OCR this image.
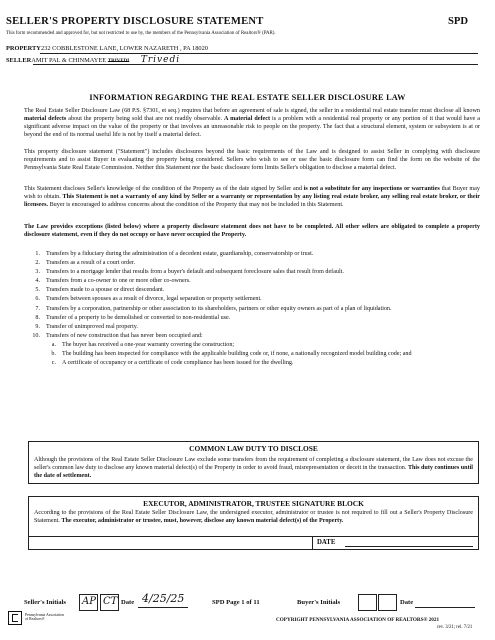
SELLER'S PROPERTY DISCLOSURE STATEMENT	SPD
This form recommended and approved for, but not restricted to use by, the members of the Pennsylvania Association of Realtors® (PAR).
PROPERTY232 COBBLESTONE LANE, LOWER NAZARETH , PA 18020
SELLERAMIT PAL & CHINMAYEE TRIVEDI Trivedi
INFORMATION REGARDING THE REAL ESTATE SELLER DISCLOSURE LAW
The Real Estate Seller Disclosure Law (68 P.S. §7301, et seq.) requires that before an agreement of sale is signed, the seller in a residential real estate transfer must disclose all known material defects about the property being sold that are not readily observable. A material defect is a problem with a residential real property or any portion of it that would have a significant adverse impact on the value of the property or that involves an unreasonable risk to people on the property. The fact that a structural element, system or subsystem is at or beyond the end of its normal useful life is not by itself a material defect.
This property disclosure statement ("Statement") includes disclosures beyond the basic requirements of the Law and is designed to assist Seller in complying with disclosure requirements and to assist Buyer in evaluating the property being considered. Sellers who wish to see or use the basic disclosure form can find the form on the website of the Pennsylvania State Real Estate Commission. Neither this Statement nor the basic disclosure form limits Seller's obligation to disclose a material defect.
This Statement discloses Seller's knowledge of the condition of the Property as of the date signed by Seller and is not a substitute for any inspections or warranties that Buyer may wish to obtain. This Statement is not a warranty of any kind by Seller or a warranty or representation by any listing real estate broker, any selling real estate broker, or their licensees. Buyer is encouraged to address concerns about the condition of the Property that may not be included in this Statement.
The Law provides exceptions (listed below) where a property disclosure statement does not have to be completed. All other sellers are obligated to complete a property disclosure statement, even if they do not occupy or have never occupied the Property.
1. Transfers by a fiduciary during the administration of a decedent estate, guardianship, conservatorship or trust.
2. Transfers as a result of a court order.
3. Transfers to a mortgage lender that results from a buyer's default and subsequent foreclosure sales that result from default.
4. Transfers from a co-owner to one or more other co-owners.
5. Transfers made to a spouse or direct descendant.
6. Transfers between spouses as a result of divorce, legal separation or property settlement.
7. Transfers by a corporation, partnership or other association to its shareholders, partners or other equity owners as part of a plan of liquidation.
8. Transfer of a property to be demolished or converted to non-residential use.
9. Transfer of unimproved real property.
10. Transfers of new construction that has never been occupied and:
a. The buyer has received a one-year warranty covering the construction;
b. The building has been inspected for compliance with the applicable building code or, if none, a nationally recognized model building code; and
c. A certificate of occupancy or a certificate of code compliance has been issued for the dwelling.
COMMON LAW DUTY TO DISCLOSE
Although the provisions of the Real Estate Seller Disclosure Law exclude some transfers from the requirement of completing a disclosure statement, the Law does not excuse the seller's common law duty to disclose any known material defect(s) of the Property in order to avoid fraud, misrepresentation or deceit in the transaction. This duty continues until the date of settlement.
EXECUTOR, ADMINISTRATOR, TRUSTEE SIGNATURE BLOCK
According to the provisions of the Real Estate Seller Disclosure Law, the undersigned executor, administrator or trustee is not required to fill out a Seller's Property Disclosure Statement. The executor, administrator or trustee, must, however, disclose any known material defect(s) of the Property.
DATE
Seller's Initials AP CT Date 4/25/25	SPD Page 1 of 11	Buyer's Initials	Date
Pennsylvania Association of Realtors®	COPYRIGHT PENNSYLVANIA ASSOCIATION OF REALTORS® 2021
rev. 3/21; rel. 7/21
